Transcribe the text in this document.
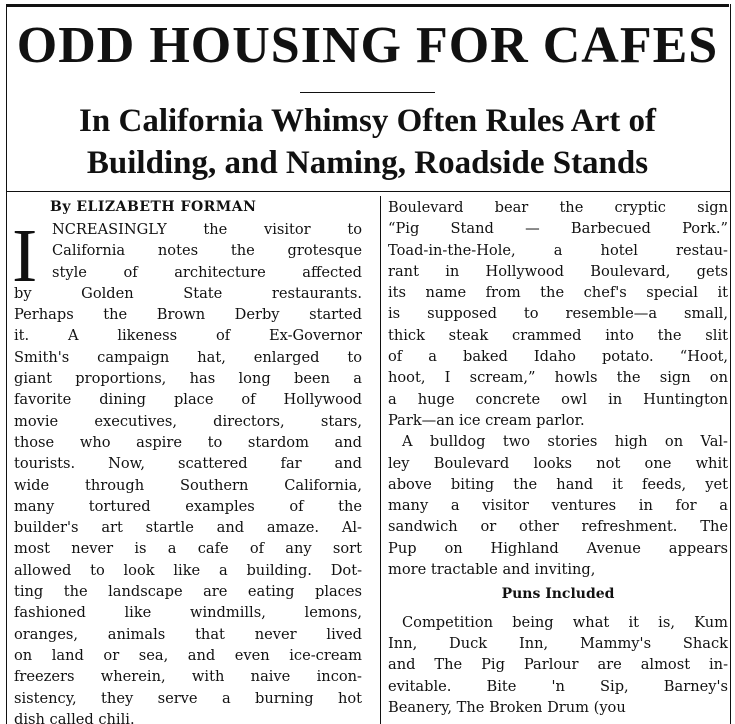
ODD HOUSING FOR CAFES
In California Whimsy Often Rules Art of
Building, and Naming, Roadside Stands
By ELIZABETH FORMAN
I	NCREASINGLY the visitor to
California notes the grotesque
style of architecture affected
by Golden State restaurants.
Perhaps the Brown Derby started
it. A likeness of Ex-Governor
Smith's campaign hat, enlarged to
giant proportions, has long been a
favorite dining place of Hollywood
movie executives, directors, stars,
those who aspire to stardom and
tourists. Now, scattered far and
wide through Southern California,
many tortured examples of the
builder's art startle and amaze. Al-
most never is a cafe of any sort
allowed to look like a building. Dot-
ting the landscape are eating places
fashioned like windmills, lemons,
oranges, animals that never lived
on land or sea, and even ice-cream
freezers wherein, with naive incon-
sistency, they serve a burning hot
dish called chili.
Boulevard bear the cryptic sign
“Pig Stand — Barbecued Pork.”
Toad-in-the-Hole, a hotel restau-
rant in Hollywood Boulevard, gets
its name from the chef's special it
is supposed to resemble—a small,
thick steak crammed into the slit
of a baked Idaho potato. “Hoot,
hoot, I scream,” howls the sign on
a huge concrete owl in Huntington
Park—an ice cream parlor.
A bulldog two stories high on Val-
ley Boulevard looks not one whit
above biting the hand it feeds, yet
many a visitor ventures in for a
sandwich or other refreshment. The
Pup on Highland Avenue appears
more tractable and inviting,
Puns Included
Competition being what it is, Kum
Inn, Duck Inn, Mammy's Shack
and The Pig Parlour are almost in-
evitable. Bite 'n Sip, Barney's
Beanery, The Broken Drum (you
